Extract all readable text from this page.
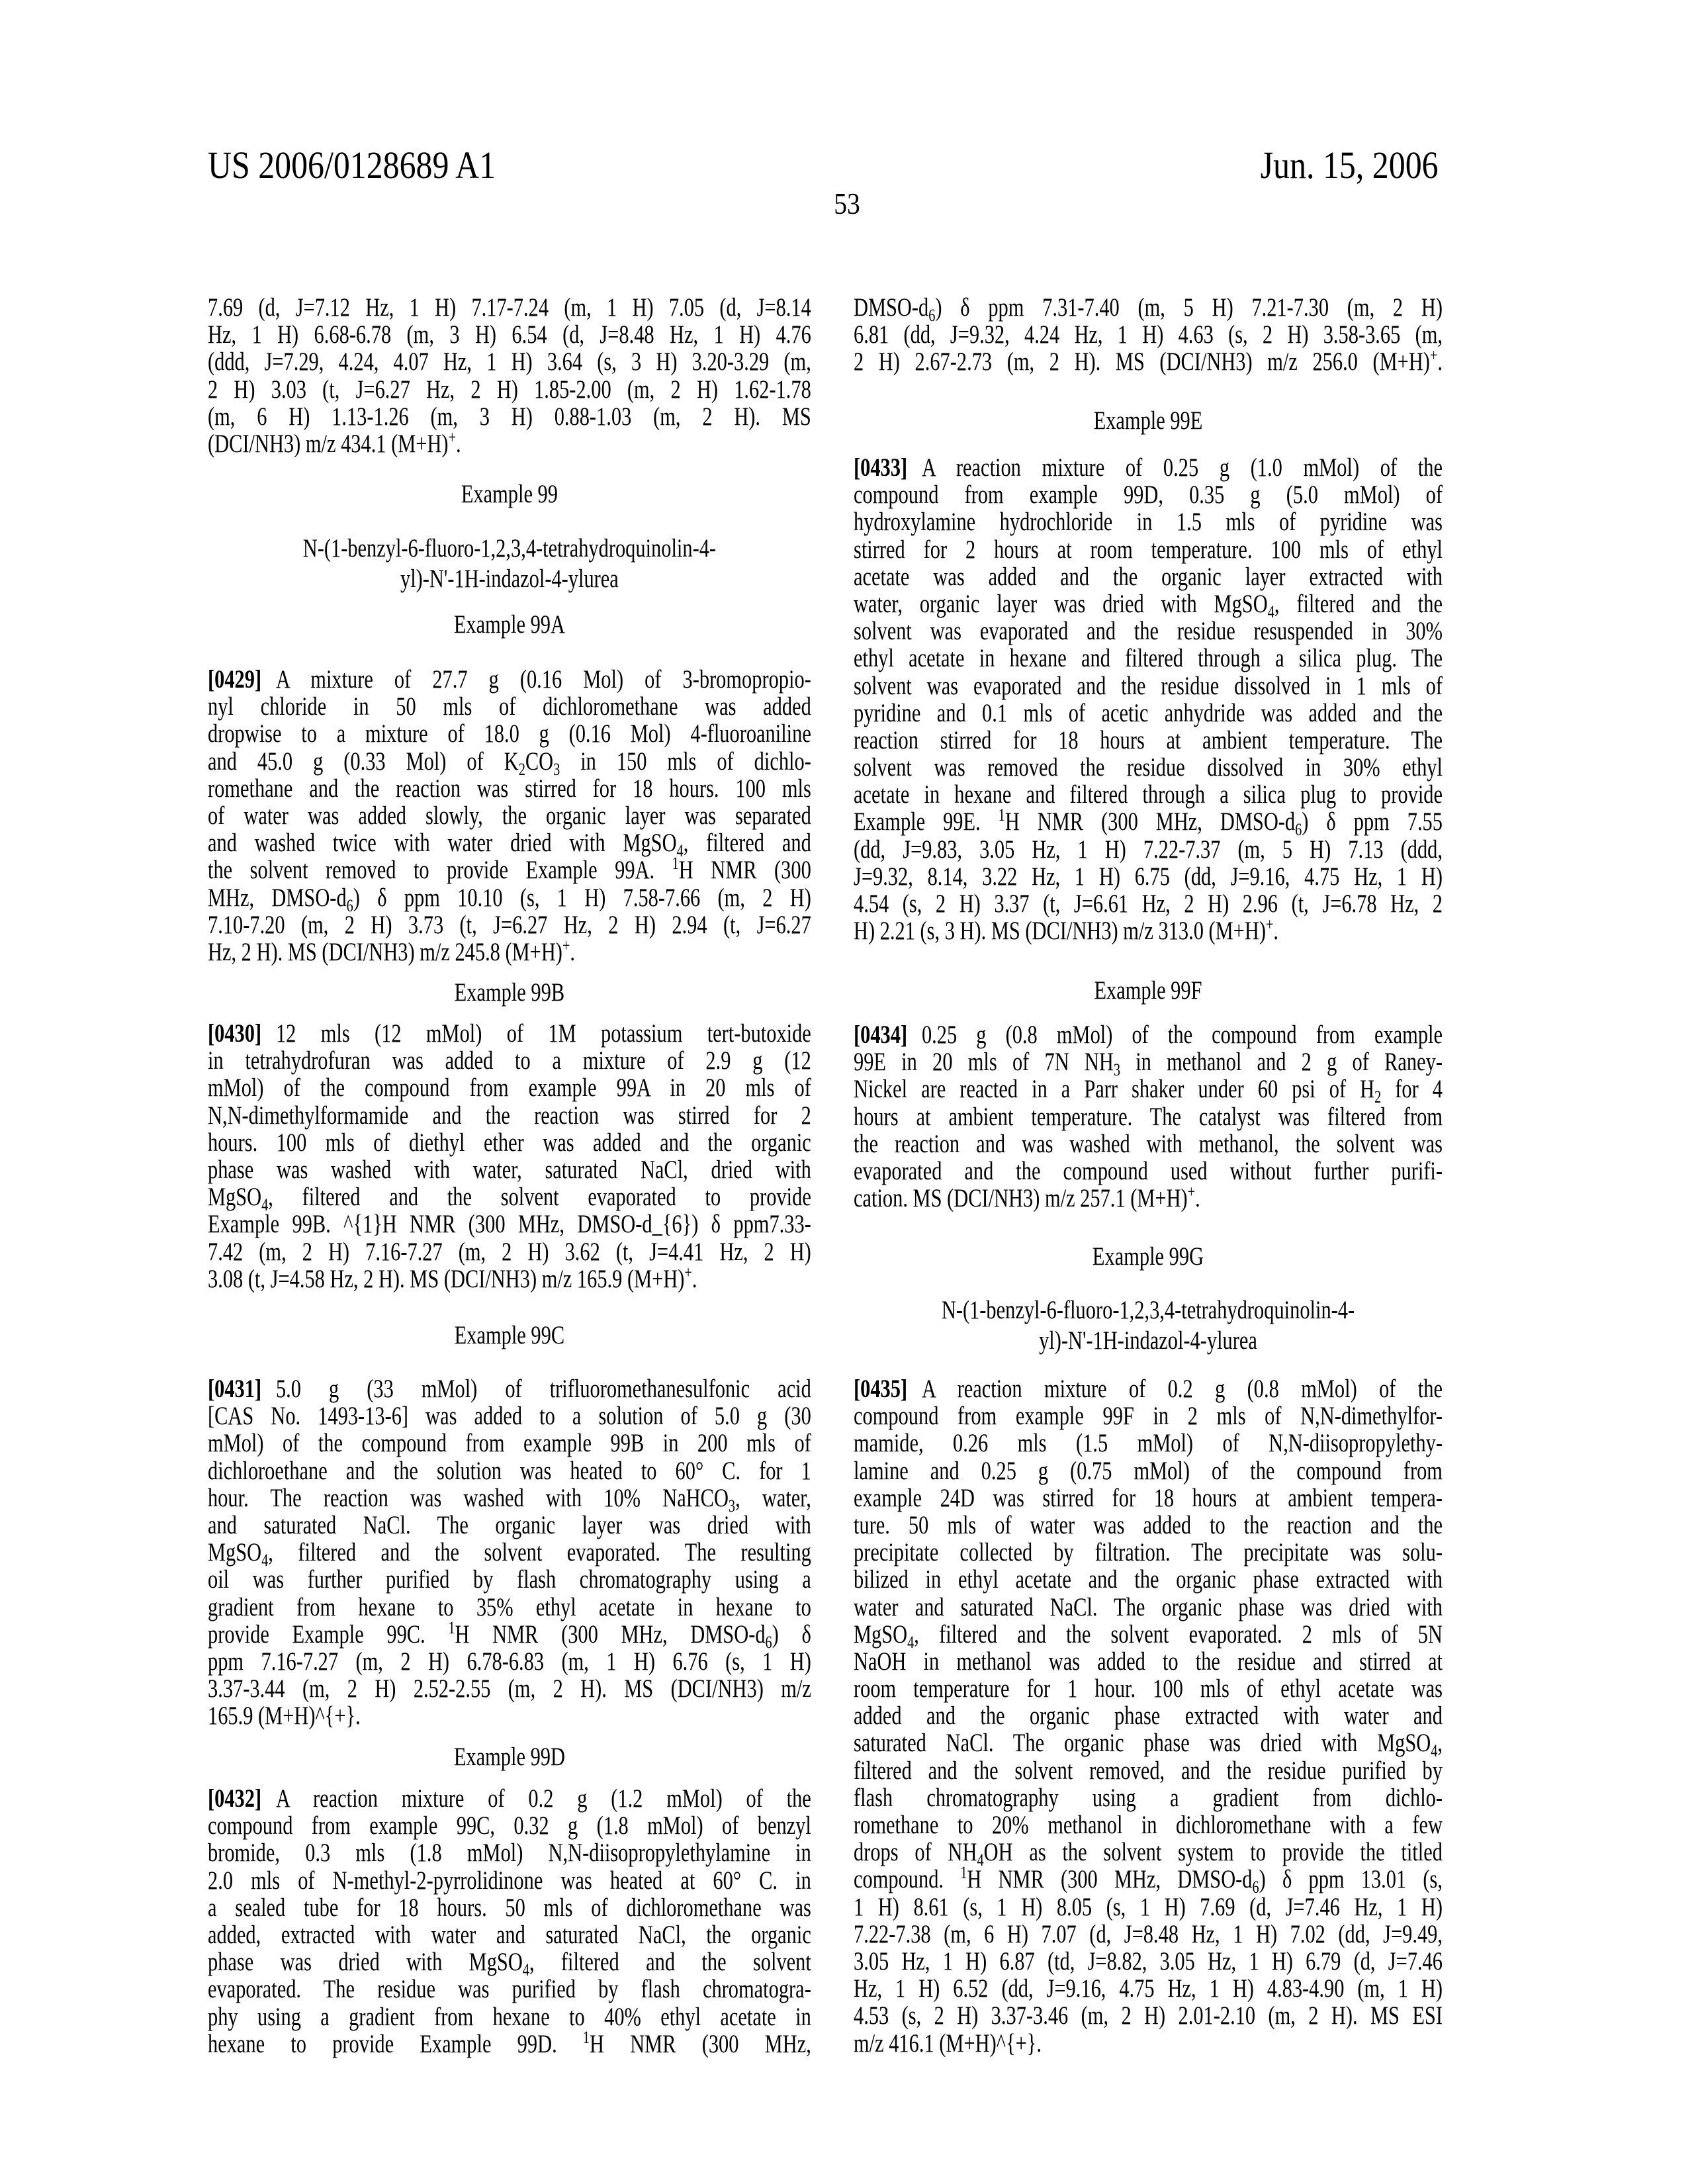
US 2006/0128689 A1	Jun. 15, 2006
53
7.69 (d, J=7.12 Hz, 1 H) 7.17-7.24 (m, 1 H) 7.05 (d, J=8.14
Hz, 1 H) 6.68-6.78 (m, 3 H) 6.54 (d, J=8.48 Hz, 1 H) 4.76
(ddd, J=7.29, 4.24, 4.07 Hz, 1 H) 3.64 (s, 3 H) 3.20-3.29 (m,
2 H) 3.03 (t, J=6.27 Hz, 2 H) 1.85-2.00 (m, 2 H) 1.62-1.78
(m, 6 H) 1.13-1.26 (m, 3 H) 0.88-1.03 (m, 2 H). MS
(DCI/NH3) m/z 434.1 (M+H)+.
Example 99
N-(1-benzyl-6-fluoro-1,2,3,4-tetrahydroquinolin-4-
yl)-N'-1H-indazol-4-ylurea
Example 99A
[0429] A mixture of 27.7 g (0.16 Mol) of 3-bromopropio-
nyl chloride in 50 mls of dichloromethane was added
dropwise to a mixture of 18.0 g (0.16 Mol) 4-fluoroaniline
and 45.0 g (0.33 Mol) of K2CO3 in 150 mls of dichlo-
romethane and the reaction was stirred for 18 hours. 100 mls
of water was added slowly, the organic layer was separated
and washed twice with water dried with MgSO4, filtered and
the solvent removed to provide Example 99A. 1H NMR (300
MHz, DMSO-d6) δ ppm 10.10 (s, 1 H) 7.58-7.66 (m, 2 H)
7.10-7.20 (m, 2 H) 3.73 (t, J=6.27 Hz, 2 H) 2.94 (t, J=6.27
Hz, 2 H). MS (DCI/NH3) m/z 245.8 (M+H)+.
Example 99B
[0430] 12 mls (12 mMol) of 1M potassium tert-butoxide
in tetrahydrofuran was added to a mixture of 2.9 g (12
mMol) of the compound from example 99A in 20 mls of
N,N-dimethylformamide and the reaction was stirred for 2
hours. 100 mls of diethyl ether was added and the organic
phase was washed with water, saturated NaCl, dried with
MgSO4, filtered and the solvent evaporated to provide
Example 99B. ^{1}H NMR (300 MHz, DMSO-d_{6}) δ ppm7.33-
7.42 (m, 2 H) 7.16-7.27 (m, 2 H) 3.62 (t, J=4.41 Hz, 2 H)
3.08 (t, J=4.58 Hz, 2 H). MS (DCI/NH3) m/z 165.9 (M+H)+.
Example 99C
[0431] 5.0 g (33 mMol) of trifluoromethanesulfonic acid
[CAS No. 1493-13-6] was added to a solution of 5.0 g (30
mMol) of the compound from example 99B in 200 mls of
dichloroethane and the solution was heated to 60° C. for 1
hour. The reaction was washed with 10% NaHCO3, water,
and saturated NaCl. The organic layer was dried with
MgSO4, filtered and the solvent evaporated. The resulting
oil was further purified by flash chromatography using a
gradient from hexane to 35% ethyl acetate in hexane to
provide Example 99C. 1H NMR (300 MHz, DMSO-d6) δ
ppm 7.16-7.27 (m, 2 H) 6.78-6.83 (m, 1 H) 6.76 (s, 1 H)
3.37-3.44 (m, 2 H) 2.52-2.55 (m, 2 H). MS (DCI/NH3) m/z
165.9 (M+H)^{+}.
Example 99D
[0432] A reaction mixture of 0.2 g (1.2 mMol) of the
compound from example 99C, 0.32 g (1.8 mMol) of benzyl
bromide, 0.3 mls (1.8 mMol) N,N-diisopropylethylamine in
2.0 mls of N-methyl-2-pyrrolidinone was heated at 60° C. in
a sealed tube for 18 hours. 50 mls of dichloromethane was
added, extracted with water and saturated NaCl, the organic
phase was dried with MgSO4, filtered and the solvent
evaporated. The residue was purified by flash chromatogra-
phy using a gradient from hexane to 40% ethyl acetate in
hexane to provide Example 99D. 1H NMR (300 MHz,
DMSO-d6) δ ppm 7.31-7.40 (m, 5 H) 7.21-7.30 (m, 2 H)
6.81 (dd, J=9.32, 4.24 Hz, 1 H) 4.63 (s, 2 H) 3.58-3.65 (m,
2 H) 2.67-2.73 (m, 2 H). MS (DCI/NH3) m/z 256.0 (M+H)+.
Example 99E
[0433] A reaction mixture of 0.25 g (1.0 mMol) of the
compound from example 99D, 0.35 g (5.0 mMol) of
hydroxylamine hydrochloride in 1.5 mls of pyridine was
stirred for 2 hours at room temperature. 100 mls of ethyl
acetate was added and the organic layer extracted with
water, organic layer was dried with MgSO4, filtered and the
solvent was evaporated and the residue resuspended in 30%
ethyl acetate in hexane and filtered through a silica plug. The
solvent was evaporated and the residue dissolved in 1 mls of
pyridine and 0.1 mls of acetic anhydride was added and the
reaction stirred for 18 hours at ambient temperature. The
solvent was removed the residue dissolved in 30% ethyl
acetate in hexane and filtered through a silica plug to provide
Example 99E. 1H NMR (300 MHz, DMSO-d6) δ ppm 7.55
(dd, J=9.83, 3.05 Hz, 1 H) 7.22-7.37 (m, 5 H) 7.13 (ddd,
J=9.32, 8.14, 3.22 Hz, 1 H) 6.75 (dd, J=9.16, 4.75 Hz, 1 H)
4.54 (s, 2 H) 3.37 (t, J=6.61 Hz, 2 H) 2.96 (t, J=6.78 Hz, 2
H) 2.21 (s, 3 H). MS (DCI/NH3) m/z 313.0 (M+H)+.
Example 99F
[0434] 0.25 g (0.8 mMol) of the compound from example
99E in 20 mls of 7N NH3 in methanol and 2 g of Raney-
Nickel are reacted in a Parr shaker under 60 psi of H2 for 4
hours at ambient temperature. The catalyst was filtered from
the reaction and was washed with methanol, the solvent was
evaporated and the compound used without further purifi-
cation. MS (DCI/NH3) m/z 257.1 (M+H)+.
Example 99G
N-(1-benzyl-6-fluoro-1,2,3,4-tetrahydroquinolin-4-
yl)-N'-1H-indazol-4-ylurea
[0435] A reaction mixture of 0.2 g (0.8 mMol) of the
compound from example 99F in 2 mls of N,N-dimethylfor-
mamide, 0.26 mls (1.5 mMol) of N,N-diisopropylethy-
lamine and 0.25 g (0.75 mMol) of the compound from
example 24D was stirred for 18 hours at ambient tempera-
ture. 50 mls of water was added to the reaction and the
precipitate collected by filtration. The precipitate was solu-
bilized in ethyl acetate and the organic phase extracted with
water and saturated NaCl. The organic phase was dried with
MgSO4, filtered and the solvent evaporated. 2 mls of 5N
NaOH in methanol was added to the residue and stirred at
room temperature for 1 hour. 100 mls of ethyl acetate was
added and the organic phase extracted with water and
saturated NaCl. The organic phase was dried with MgSO4,
filtered and the solvent removed, and the residue purified by
flash chromatography using a gradient from dichlo-
romethane to 20% methanol in dichloromethane with a few
drops of NH4OH as the solvent system to provide the titled
compound. 1H NMR (300 MHz, DMSO-d6) δ ppm 13.01 (s,
1 H) 8.61 (s, 1 H) 8.05 (s, 1 H) 7.69 (d, J=7.46 Hz, 1 H)
7.22-7.38 (m, 6 H) 7.07 (d, J=8.48 Hz, 1 H) 7.02 (dd, J=9.49,
3.05 Hz, 1 H) 6.87 (td, J=8.82, 3.05 Hz, 1 H) 6.79 (d, J=7.46
Hz, 1 H) 6.52 (dd, J=9.16, 4.75 Hz, 1 H) 4.83-4.90 (m, 1 H)
4.53 (s, 2 H) 3.37-3.46 (m, 2 H) 2.01-2.10 (m, 2 H). MS ESI
m/z 416.1 (M+H)^{+}.
